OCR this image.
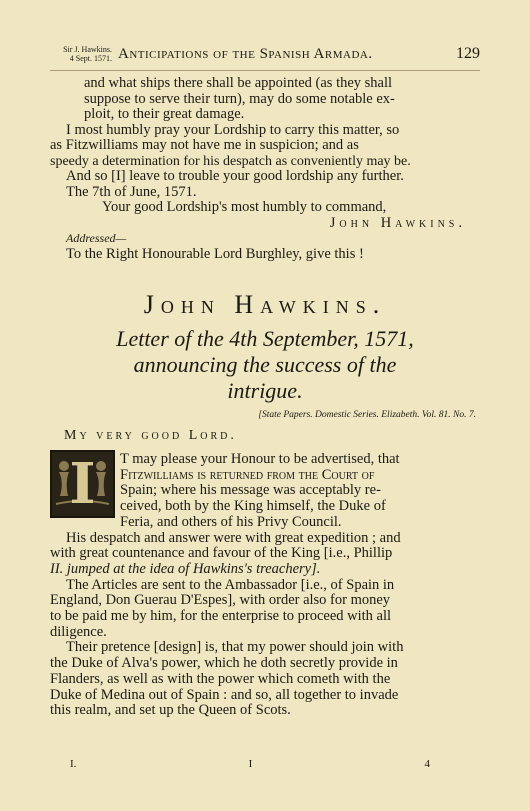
Sir J. Hawkins.
4 Sept. 1571. Anticipations of the Spanish Armada.	129

and what ships there shall be appointed (as they shall

suppose to serve their turn), may do some notable ex-

ploit, to their great damage.

I most humbly pray your Lordship to carry this matter, so

as Fitzwilliams may not have me in suspicion; and as

speedy a determination for his despatch as conveniently may be.

And so [I] leave to trouble your good lordship any further.

The 7th of June, 1571.

Your good Lordship's most humbly to command,

John Hawkins.

Addressed—

To the Right Honourable Lord Burghley, give this !

John Hawkins.
Letter of the 4th September, 1571,
announcing the success of the
intrigue.
[State Papers. Domestic Series. Elizabeth. Vol. 81. No. 7.
My very good Lord.
I	T may please your Honour to be advertised, that

Fitzwilliams is returned from the Court of

Spain; where his message was acceptably re-

ceived, both by the King himself, the Duke of

Feria, and others of his Privy Council.

His despatch and answer were with great expedition ; and

with great countenance and favour of the King [i.e., Phillip

II. jumped at the idea of Hawkins's treachery].

The Articles are sent to the Ambassador [i.e., of Spain in

England, Don Guerau D'Espes], with order also for money

to be paid me by him, for the enterprise to proceed with all

diligence.

Their pretence [design] is, that my power should join with

the Duke of Alva's power, which he doth secretly provide in

Flanders, as well as with the power which cometh with the

Duke of Medina out of Spain : and so, all together to invade

this realm, and set up the Queen of Scots.

I.	I	4
